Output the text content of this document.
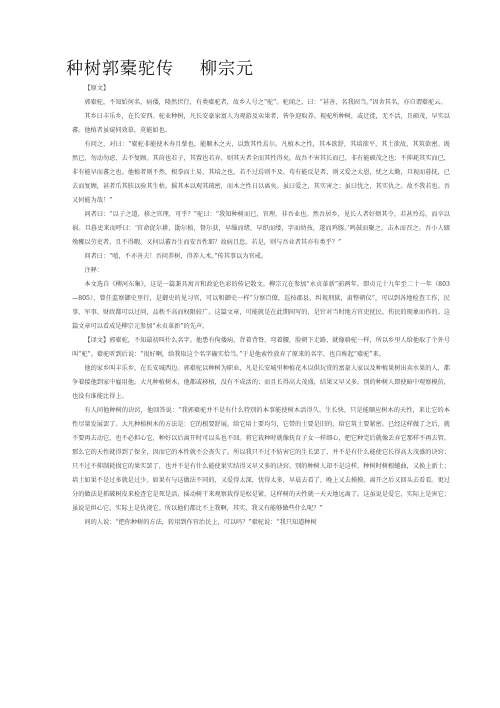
种树郭橐驼传 柳宗元

【原文】

郭橐驼，不知始何名，病偻，隆然伏行，有类橐驼者，故乡人号之“驼”。驼闻之，曰：“甚善，名我固当。”因舍其名，亦自谓橐驼云。

其乡曰丰乐乡，在长安西。驼业种树，凡长安豪家富人为观游及卖果者，皆争迎取养。视驼所种树，或迁徙，无不活，且硕茂，早实以蕃。他植者虽窥伺效慕，莫能如也。

有问之，对曰：“橐驼非能使木寿且孳也，能顺木之天，以致其性焉尔。凡植木之性，其本欲舒，其培欲平，其土欲故，其筑欲密。既然已，勿动勿虑，去不复顾。其莳也若子，其置也若弃，则其天者全而其性得矣。故吾不害其长而已，非有能硕茂之也；不抑耗其实而已，非有能早而蕃之也。他植者则不然，根拳而土易，其培之也，若不过焉则不及。苟有能反是者，则又爱之太恩，忧之太勤，旦视而暮抚，已去而复顾，甚者爪其肤以验其生枯，摇其本以观其疏密，而木之性日以离矣。虽曰爱之，其实害之；虽曰忧之，其实仇之。故不我若也。吾又何能为哉！”

问者曰：“以子之道，移之官理，可乎？”驼曰：“我知种树而已，官理，非吾业也。然吾居乡，见长人者好烦其令，若甚怜焉，而卒以祸。旦暮吏来而呼曰：‘官命促尔耕，勖尔植，督尔获，早缫而绪，早织而缕，字而幼孩，遂而鸡豚。’鸣鼓而聚之，击木而召之。吾小人辍飧饔以劳吏者，且不得暇，又何以蕃吾生而安吾性耶？故病且怠。若是，则与吾业者其亦有类乎？”

问者曰：“嘻，不亦善夫！吾问养树，得养人术。”传其事以为官戒。

注释：

本文选自《柳河东集》，这是一篇兼具寓言和政论色彩的传记散文。柳宗元在参加“永贞革新”前两年，即贞元十九年至二十一年（803—805），曾任监察御史里行，是御史的见习官，可以和御史一样“分察百僚，巡按郡县，纠视刑狱，肃整朝仪”，可以到各地检查工作，民事、军事、财政都可以过问，品秩不高而权限较广。这篇文章，可能就是在此期间写的，是针对当时地方官吏扰民、伤民的现象而作的。这篇文章可以看成是柳宗元参加“永贞革新”的先声。

【译文】郭橐驼，不知最初叫什么名字。他患有佝偻病，背着背脊，弯着腰，脸朝下走路，就像骆驼一样，所以乡里人给他取了个外号叫“驼”。橐驼听到后说：“很好啊，给我取这个名字确实恰当。”于是他索性放弃了原来的名字，也自称起“橐驼”来。

他的家乡叫丰乐乡，在长安城西边。郭橐驼以种树为职业，凡是长安城里种植花木以供玩赏的富豪人家以及种植果树出卖水果的人，都争着接他到家中雇用他。大凡种植树木，他都或移植，没有不成活的；而且长得高大茂盛，结果又早又多。别的种树人即使暗中观察模仿，也没有谁能比得上。

有人问他种树的诀窍，他回答说：“我郭橐驼并不是有什么特别的本事能使树木活得久、生长快，只是能顺应树木的天性，来让它的本性尽量发展罢了。大凡种植树木的方法是：它的根要舒展，给它培土要均匀，它带的土要是旧的，给它筑土要紧密。已经这样做了之后，就不要再去动它，也不必担心它，种好以后离开时可以头也不回。将它栽种时就像抚育子女一样细心，把它种完后就像丢弃它那样不再去管。那么它的天性就得到了保全，因而它的本性就不会丧失了。所以我只不过不妨害它的生长罢了，并不是有什么能使它长得高大茂盛的诀窍；只不过不抑制耗损它的果实罢了，也并不是有什么能使果实结得又早又多的诀窍。别的种树人却不是这样，种树时树根蜷曲，又换上新土；培土如果不是过多就是过少。如果有与这做法不同的，又爱得太深，忧得太多，早晨去看了，晚上又去摸摸，离开之后又回头去看看。更过分的做法是抓破树皮来检查它是死是活，摇动树干来观察栽得是松是紧，这样树的天性就一天天地远离了。这虽说是爱它，实际上是害它；虽说是担心它，实际上是仇视它。所以他们都比不上我啊，其实，我又有能够做些什么呢？”

问的人说：“把你种树的方法，转用到作官治民上，可以吗？”橐驼说：“我只知道种树
